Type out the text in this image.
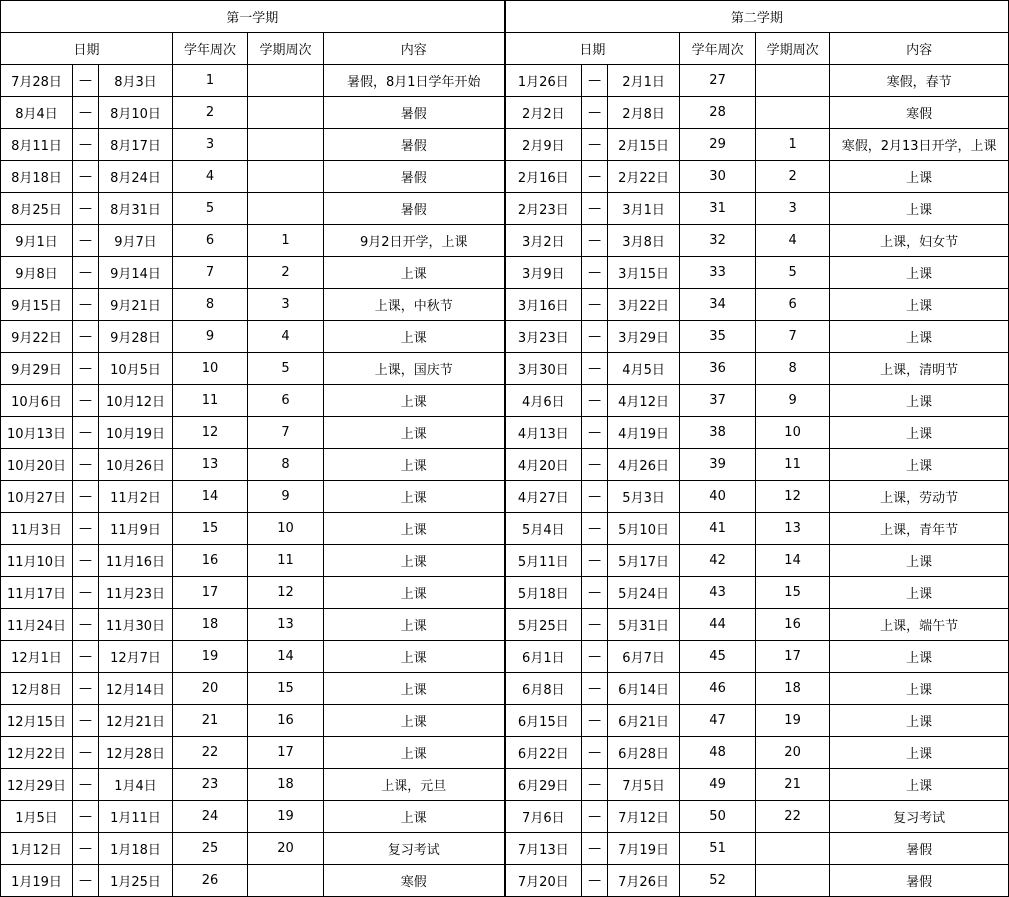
第一学期						第二学期					
日期			学年周次	学期周次	内容	日期			学年周次	学期周次	内容
7月28日	—	8月3日	1		暑假，8月1日学年开始	1月26日	—	2月1日	27		寒假，春节
8月4日	—	8月10日	2		暑假	2月2日	—	2月8日	28		寒假
8月11日	—	8月17日	3		暑假	2月9日	—	2月15日	29	1	寒假，2月13日开学，上课
8月18日	—	8月24日	4		暑假	2月16日	—	2月22日	30	2	上课
8月25日	—	8月31日	5		暑假	2月23日	—	3月1日	31	3	上课
9月1日	—	9月7日	6	1	9月2日开学，上课	3月2日	—	3月8日	32	4	上课，妇女节
9月8日	—	9月14日	7	2	上课	3月9日	—	3月15日	33	5	上课
9月15日	—	9月21日	8	3	上课，中秋节	3月16日	—	3月22日	34	6	上课
9月22日	—	9月28日	9	4	上课	3月23日	—	3月29日	35	7	上课
9月29日	—	10月5日	10	5	上课，国庆节	3月30日	—	4月5日	36	8	上课，清明节
10月6日	—	10月12日	11	6	上课	4月6日	—	4月12日	37	9	上课
10月13日	—	10月19日	12	7	上课	4月13日	—	4月19日	38	10	上课
10月20日	—	10月26日	13	8	上课	4月20日	—	4月26日	39	11	上课
10月27日	—	11月2日	14	9	上课	4月27日	—	5月3日	40	12	上课，劳动节
11月3日	—	11月9日	15	10	上课	5月4日	—	5月10日	41	13	上课，青年节
11月10日	—	11月16日	16	11	上课	5月11日	—	5月17日	42	14	上课
11月17日	—	11月23日	17	12	上课	5月18日	—	5月24日	43	15	上课
11月24日	—	11月30日	18	13	上课	5月25日	—	5月31日	44	16	上课，端午节
12月1日	—	12月7日	19	14	上课	6月1日	—	6月7日	45	17	上课
12月8日	—	12月14日	20	15	上课	6月8日	—	6月14日	46	18	上课
12月15日	—	12月21日	21	16	上课	6月15日	—	6月21日	47	19	上课
12月22日	—	12月28日	22	17	上课	6月22日	—	6月28日	48	20	上课
12月29日	—	1月4日	23	18	上课，元旦	6月29日	—	7月5日	49	21	上课
1月5日	—	1月11日	24	19	上课	7月6日	—	7月12日	50	22	复习考试
1月12日	—	1月18日	25	20	复习考试	7月13日	—	7月19日	51		暑假
1月19日	—	1月25日	26		寒假	7月20日	—	7月26日	52		暑假
